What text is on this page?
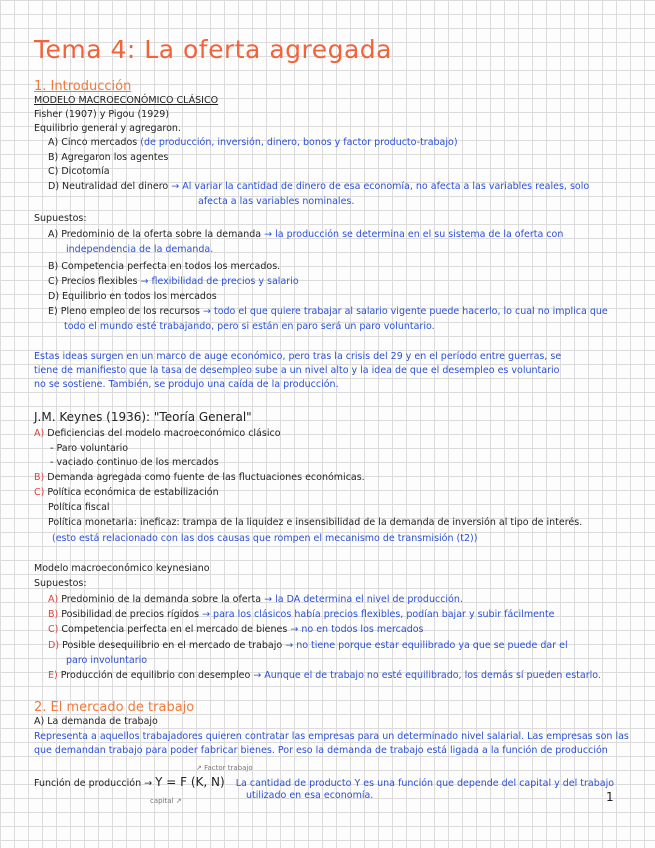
Tema 4: La oferta agregada
1. Introducción
MODELO MACROECONÓMICO CLÁSICO
Fisher (1907) y Pigou (1929)
Equilibrio general y agregaron.
A) Cinco mercados (de producción, inversión, dinero, bonos y factor producto-trabajo)
B) Agregaron los agentes
C) Dicotomía
D) Neutralidad del dinero → Al variar la cantidad de dinero de esa economía, no afecta a las variables reales, solo
afecta a las variables nominales.
Supuestos:
A) Predominio de la oferta sobre la demanda → la producción se determina en el su sistema de la oferta con
independencia de la demanda.
B) Competencia perfecta en todos los mercados.
C) Precios flexibles → flexibilidad de precios y salario
D) Equilibrio en todos los mercados
E) Pleno empleo de los recursos → todo el que quiere trabajar al salario vigente puede hacerlo, lo cual no implica que
todo el mundo esté trabajando, pero si están en paro será un paro voluntario.
Estas ideas surgen en un marco de auge económico, pero tras la crisis del 29 y en el período entre guerras, se
tiene de manifiesto que la tasa de desempleo sube a un nivel alto y la idea de que el desempleo es voluntario
no se sostiene. También, se produjo una caída de la producción.
J.M. Keynes (1936): "Teoría General"
A) Deficiencias del modelo macroeconómico clásico
- Paro voluntario
- vaciado continuo de los mercados
B) Demanda agregada como fuente de las fluctuaciones económicas.
C) Política económica de estabilización
Política fiscal
Política monetaria: ineficaz: trampa de la liquidez e insensibilidad de la demanda de inversión al tipo de interés.
(esto está relacionado con las dos causas que rompen el mecanismo de transmisión (t2))
Modelo macroeconómico keynesiano
Supuestos:
A) Predominio de la demanda sobre la oferta → la DA determina el nivel de producción.
B) Posibilidad de precios rígidos → para los clásicos había precios flexibles, podían bajar y subir fácilmente
C) Competencia perfecta en el mercado de bienes → no en todos los mercados
D) Posible desequilibrio en el mercado de trabajo → no tiene porque estar equilibrado ya que se puede dar el
paro involuntario
E) Producción de equilibrio con desempleo → Aunque el de trabajo no esté equilibrado, los demás sí pueden estarlo.
2. El mercado de trabajo
A) La demanda de trabajo
Representa a aquellos trabajadores quieren contratar las empresas para un determinado nivel salarial. Las empresas son las
que demandan trabajo para poder fabricar bienes. Por eso la demanda de trabajo está ligada a la función de producción
↗ Factor trabajo
Función de producción → Y = F (K, N) La cantidad de producto Y es una función que depende del capital y del trabajo
utilizado en esa economía.
capital ↗	1
